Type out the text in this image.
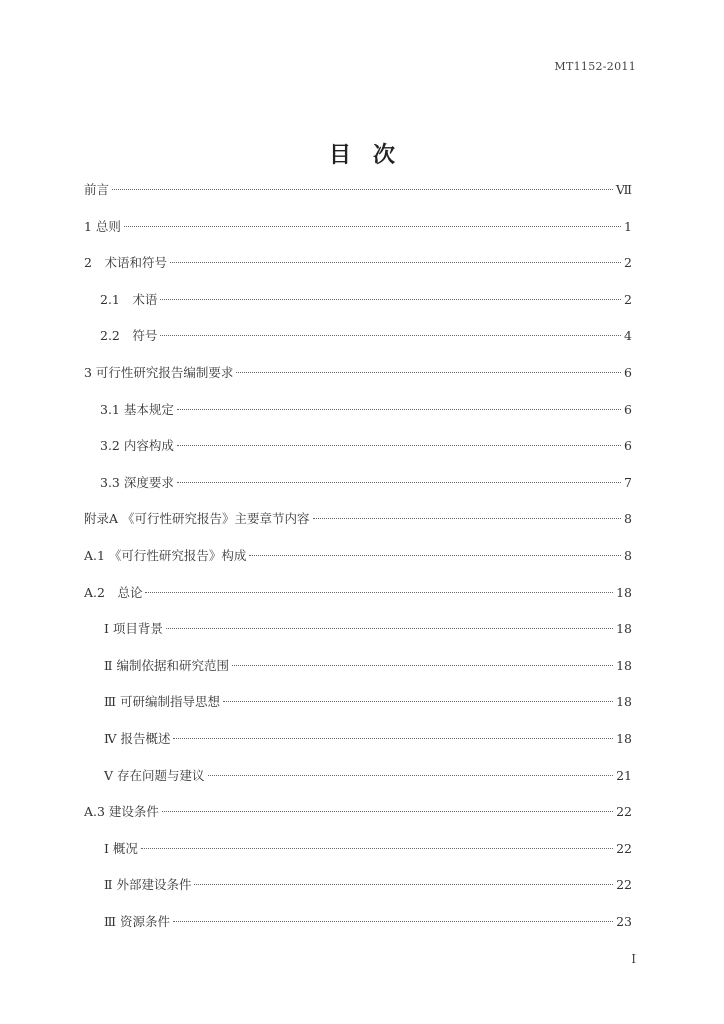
MT1152-2011
目次
前言	Ⅶ
1 总则	1
2　术语和符号	2
2.1　术语	2
2.2　符号	4
3 可行性研究报告编制要求	6
3.1 基本规定	6
3.2 内容构成	6
3.3 深度要求	7
附录A 《可行性研究报告》主要章节内容	8
A.1 《可行性研究报告》构成	8
A.2　总论	18
Ⅰ 项目背景	18
Ⅱ 编制依据和研究范围	18
Ⅲ 可研编制指导思想	18
Ⅳ 报告概述	18
Ⅴ 存在问题与建议	21
A.3 建设条件	22
Ⅰ 概况	22
Ⅱ 外部建设条件	22
Ⅲ 资源条件	23
I
